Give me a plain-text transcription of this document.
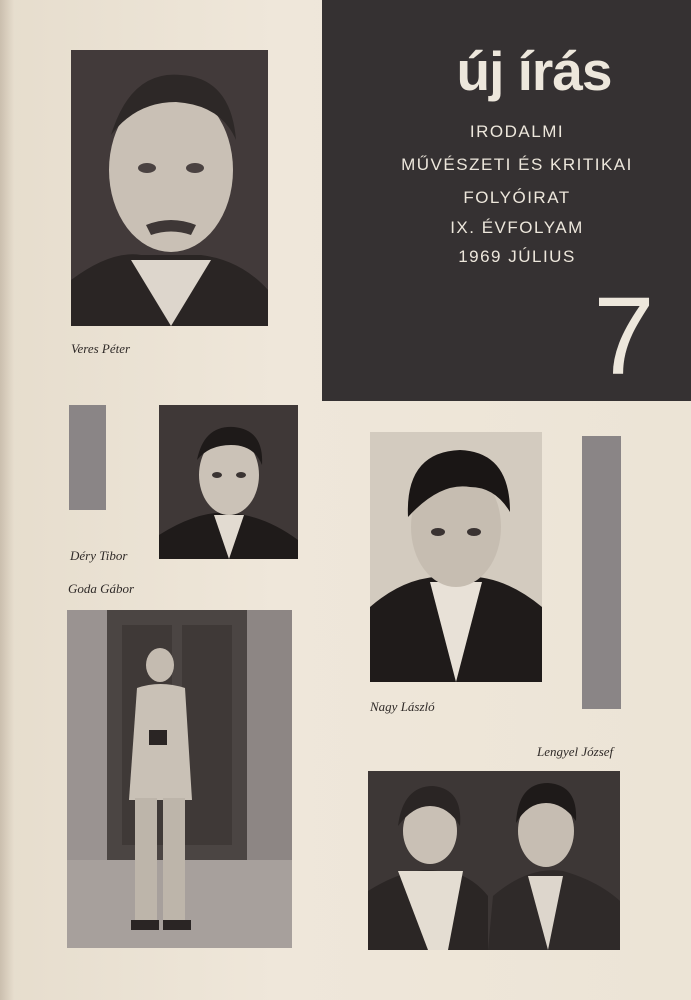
új írás
IRODALMI
MŰVÉSZETI ÉS KRITIKAI
FOLYÓIRAT
IX. ÉVFOLYAM
1969 JÚLIUS
7
Veres Péter
Déry Tibor
Goda Gábor
Nagy László
Lengyel József
